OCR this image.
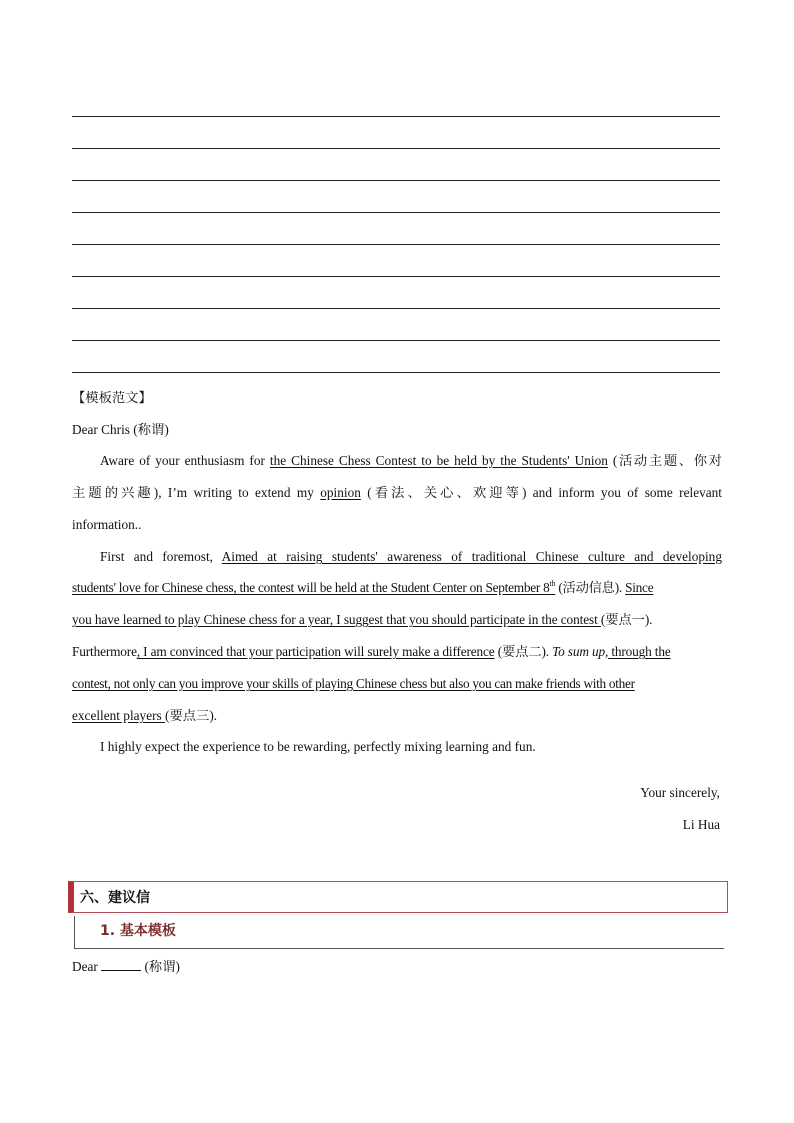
【模板范文】
Dear Chris (称谓)
Aware of your enthusiasm for the Chinese Chess Contest to be held by the Students' Union (活动主题、你对
主题的兴趣), I’m writing to extend my opinion (看法、关心、欢迎等) and inform you of some relevant
information..
First and foremost, Aimed at raising students' awareness of traditional Chinese culture and developing
students' love for Chinese chess, the contest will be held at the Student Center on September 8th (活动信息). Since
you have learned to play Chinese chess for a year, I suggest that you should participate in the contest (要点一).
Furthermore, I am convinced that your participation will surely make a difference (要点二). To sum up, through the
contest, not only can you improve your skills of playing Chinese chess but also you can make friends with other
excellent players (要点三).
I highly expect the experience to be rewarding, perfectly mixing learning and fun.
Your sincerely,
Li Hua
六、建议信
1. 基本模板
Dear	(称谓)
